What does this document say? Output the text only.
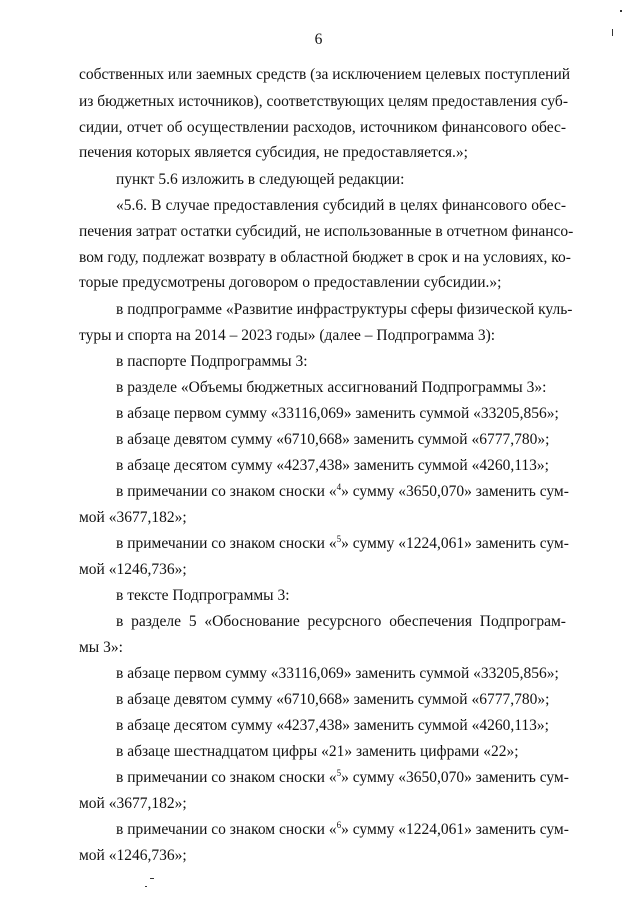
6
собственных или заемных средств (за исключением целевых поступлений
из бюджетных источников), соответствующих целям предоставления суб-
сидии, отчет об осуществлении расходов, источником финансового обес-
печения которых является субсидия, не предоставляется.»;
пункт 5.6 изложить в следующей редакции:
«5.6. В случае предоставления субсидий в целях финансового обес-
печения затрат остатки субсидий, не использованные в отчетном финансо-
вом году, подлежат возврату в областной бюджет в срок и на условиях, ко-
торые предусмотрены договором о предоставлении субсидии.»;
в подпрограмме «Развитие инфраструктуры сферы физической куль-
туры и спорта на 2014 – 2023 годы» (далее – Подпрограмма 3):
в паспорте Подпрограммы 3:
в разделе «Объемы бюджетных ассигнований Подпрограммы 3»:
в абзаце первом сумму «33116,069» заменить суммой «33205,856»;
в абзаце девятом сумму «6710,668» заменить суммой «6777,780»;
в абзаце десятом сумму «4237,438» заменить суммой «4260,113»;
в примечании со знаком сноски «$^4$» сумму «3650,070» заменить сум-
мой «3677,182»;
в примечании со знаком сноски «$^5$» сумму «1224,061» заменить сум-
мой «1246,736»;
в тексте Подпрограммы 3:
в разделе 5 «Обоснование ресурсного обеспечения Подпрограм-
мы 3»:
в абзаце первом сумму «33116,069» заменить суммой «33205,856»;
в абзаце девятом сумму «6710,668» заменить суммой «6777,780»;
в абзаце десятом сумму «4237,438» заменить суммой «4260,113»;
в абзаце шестнадцатом цифры «21» заменить цифрами «22»;
в примечании со знаком сноски «$^5$» сумму «3650,070» заменить сум-
мой «3677,182»;
в примечании со знаком сноски «$^6$» сумму «1224,061» заменить сум-
мой «1246,736»;
